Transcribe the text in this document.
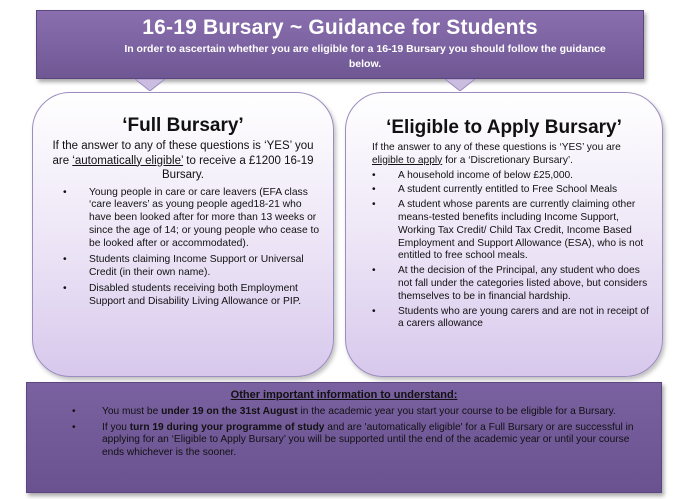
16-19 Bursary ~ Guidance for Students

In order to ascertain whether you are eligible for a 16-19 Bursary you should follow the guidance below.

‘Full Bursary’
If the answer to any of these questions is ‘YES’ you are ‘automatically eligible’ to receive a £1200 16-19 Bursary.
• Young people in care or care leavers (EFA class ‘care leavers’ as young people aged18-21 who have been looked after for more than 13 weeks or since the age of 14; or young people who cease to be looked after or accommodated).
• Students claiming Income Support or Universal Credit (in their own name).
• Disabled students receiving both Employment Support and Disability Living Allowance or PIP.
‘Eligible to Apply Bursary’
If the answer to any of these questions is ‘YES’ you are eligible to apply for a ‘Discretionary Bursary’.
• A household income of below £25,000.
• A student currently entitled to Free School Meals
• A student whose parents are currently claiming other means-tested benefits including Income Support, Working Tax Credit/ Child Tax Credit, Income Based Employment and Support Allowance (ESA), who is not entitled to free school meals.
• At the decision of the Principal, any student who does not fall under the categories listed above, but considers themselves to be in financial hardship.
• Students who are young carers and are not in receipt of a carers allowance
Other important information to understand:
• You must be under 19 on the 31st August in the academic year you start your course to be eligible for a Bursary.
• If you turn 19 during your programme of study and are 'automatically eligible' for a Full Bursary or are successful in applying for an ‘Eligible to Apply Bursary’ you will be supported until the end of the academic year or until your course ends whichever is the sooner.
